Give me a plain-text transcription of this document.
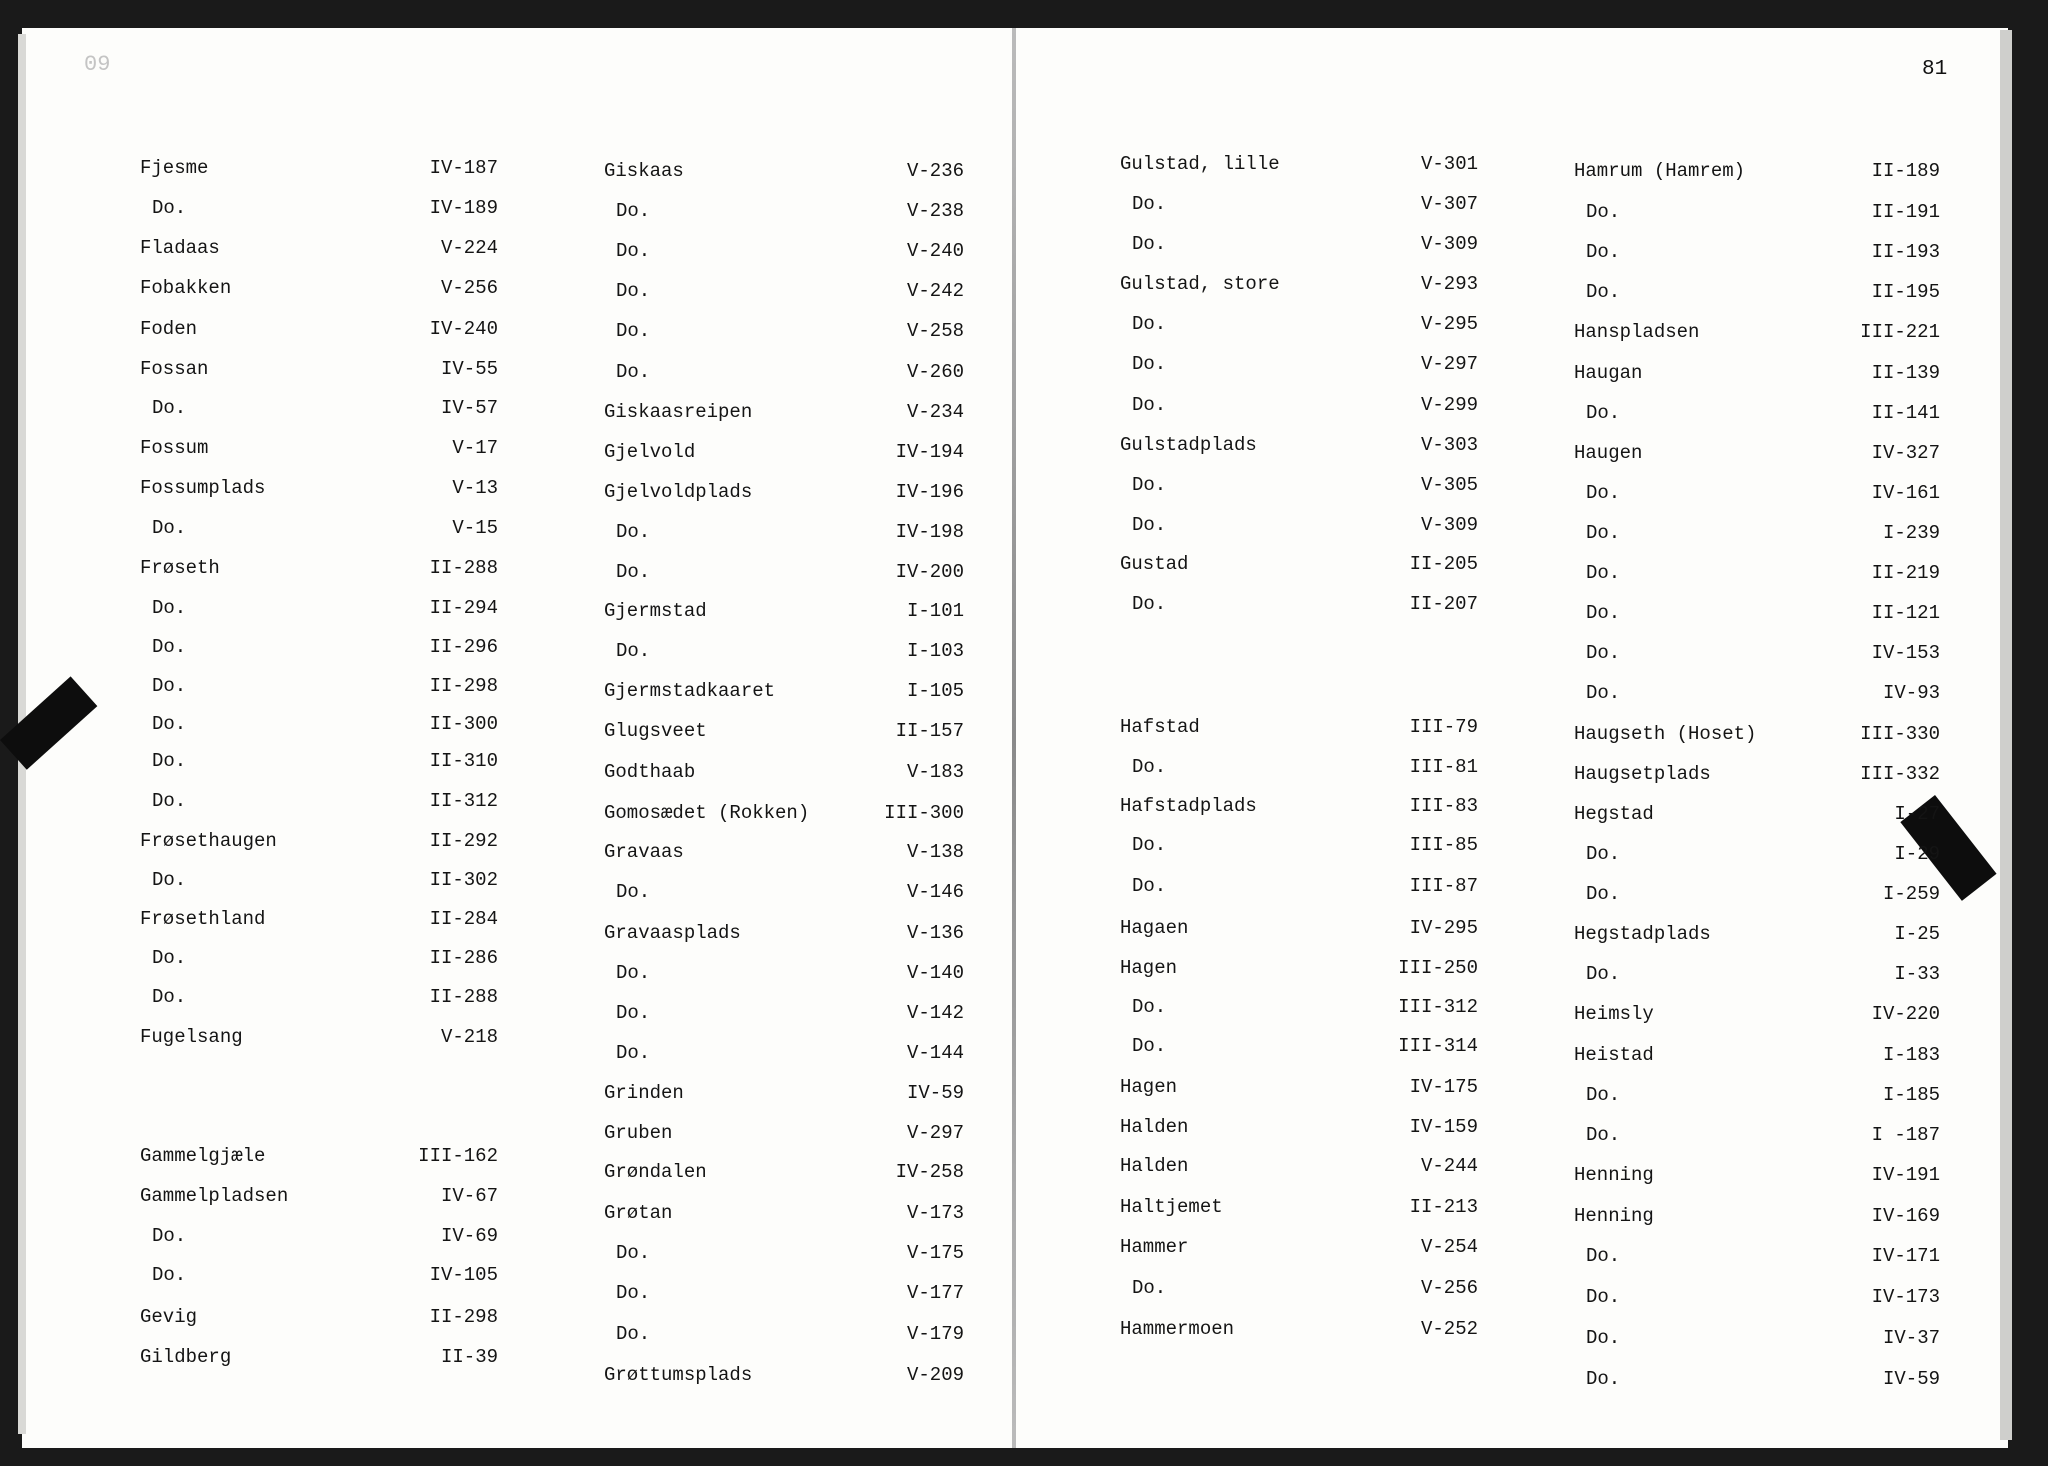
09	81
Fjesme	IV-187
Do.	IV-189
Fladaas	V-224
Fobakken	V-256
Foden	IV-240
Fossan	IV-55
Do.	IV-57
Fossum	V-17
Fossumplads	V-13
Do.	V-15
Frøseth	II-288
Do.	II-294
Do.	II-296
Do.	II-298
Do.	II-300
Do.	II-310
Do.	II-312
Frøsethaugen	II-292
Do.	II-302
Frøsethland	II-284
Do.	II-286
Do.	II-288
Fugelsang	V-218
Gammelgjæle	III-162
Gammelpladsen	IV-67
Do.	IV-69
Do.	IV-105
Gevig	II-298
Gildberg	II-39
Giskaas	V-236
Do.	V-238
Do.	V-240
Do.	V-242
Do.	V-258
Do.	V-260
Giskaasreipen	V-234
Gjelvold	IV-194
Gjelvoldplads	IV-196
Do.	IV-198
Do.	IV-200
Gjermstad	I-101
Do.	I-103
Gjermstadkaaret	I-105
Glugsveet	II-157
Godthaab	V-183
Gomosædet (Rokken)	III-300
Gravaas	V-138
Do.	V-146
Gravaasplads	V-136
Do.	V-140
Do.	V-142
Do.	V-144
Grinden	IV-59
Gruben	V-297
Grøndalen	IV-258
Grøtan	V-173
Do.	V-175
Do.	V-177
Do.	V-179
Grøttumsplads	V-209
Gulstad, lille	V-301
Do.	V-307
Do.	V-309
Gulstad, store	V-293
Do.	V-295
Do.	V-297
Do.	V-299
Gulstadplads	V-303
Do.	V-305
Do.	V-309
Gustad	II-205
Do.	II-207
Hafstad	III-79
Do.	III-81
Hafstadplads	III-83
Do.	III-85
Do.	III-87
Hagaen	IV-295
Hagen	III-250
Do.	III-312
Do.	III-314
Hagen	IV-175
Halden	IV-159
Halden	V-244
Haltjemet	II-213
Hammer	V-254
Do.	V-256
Hammermoen	V-252
Hamrum (Hamrem)	II-189
Do.	II-191
Do.	II-193
Do.	II-195
Hanspladsen	III-221
Haugan	II-139
Do.	II-141
Haugen	IV-327
Do.	IV-161
Do.	I-239
Do.	II-219
Do.	II-121
Do.	IV-153
Do.	IV-93
Haugseth (Hoset)	III-330
Haugsetplads	III-332
Hegstad	I-27
Do.	I-29
Do.	I-259
Hegstadplads	I-25
Do.	I-33
Heimsly	IV-220
Heistad	I-183
Do.	I-185
Do.	I -187
Henning	IV-191
Henning	IV-169
Do.	IV-171
Do.	IV-173
Do.	IV-37
Do.	IV-59
